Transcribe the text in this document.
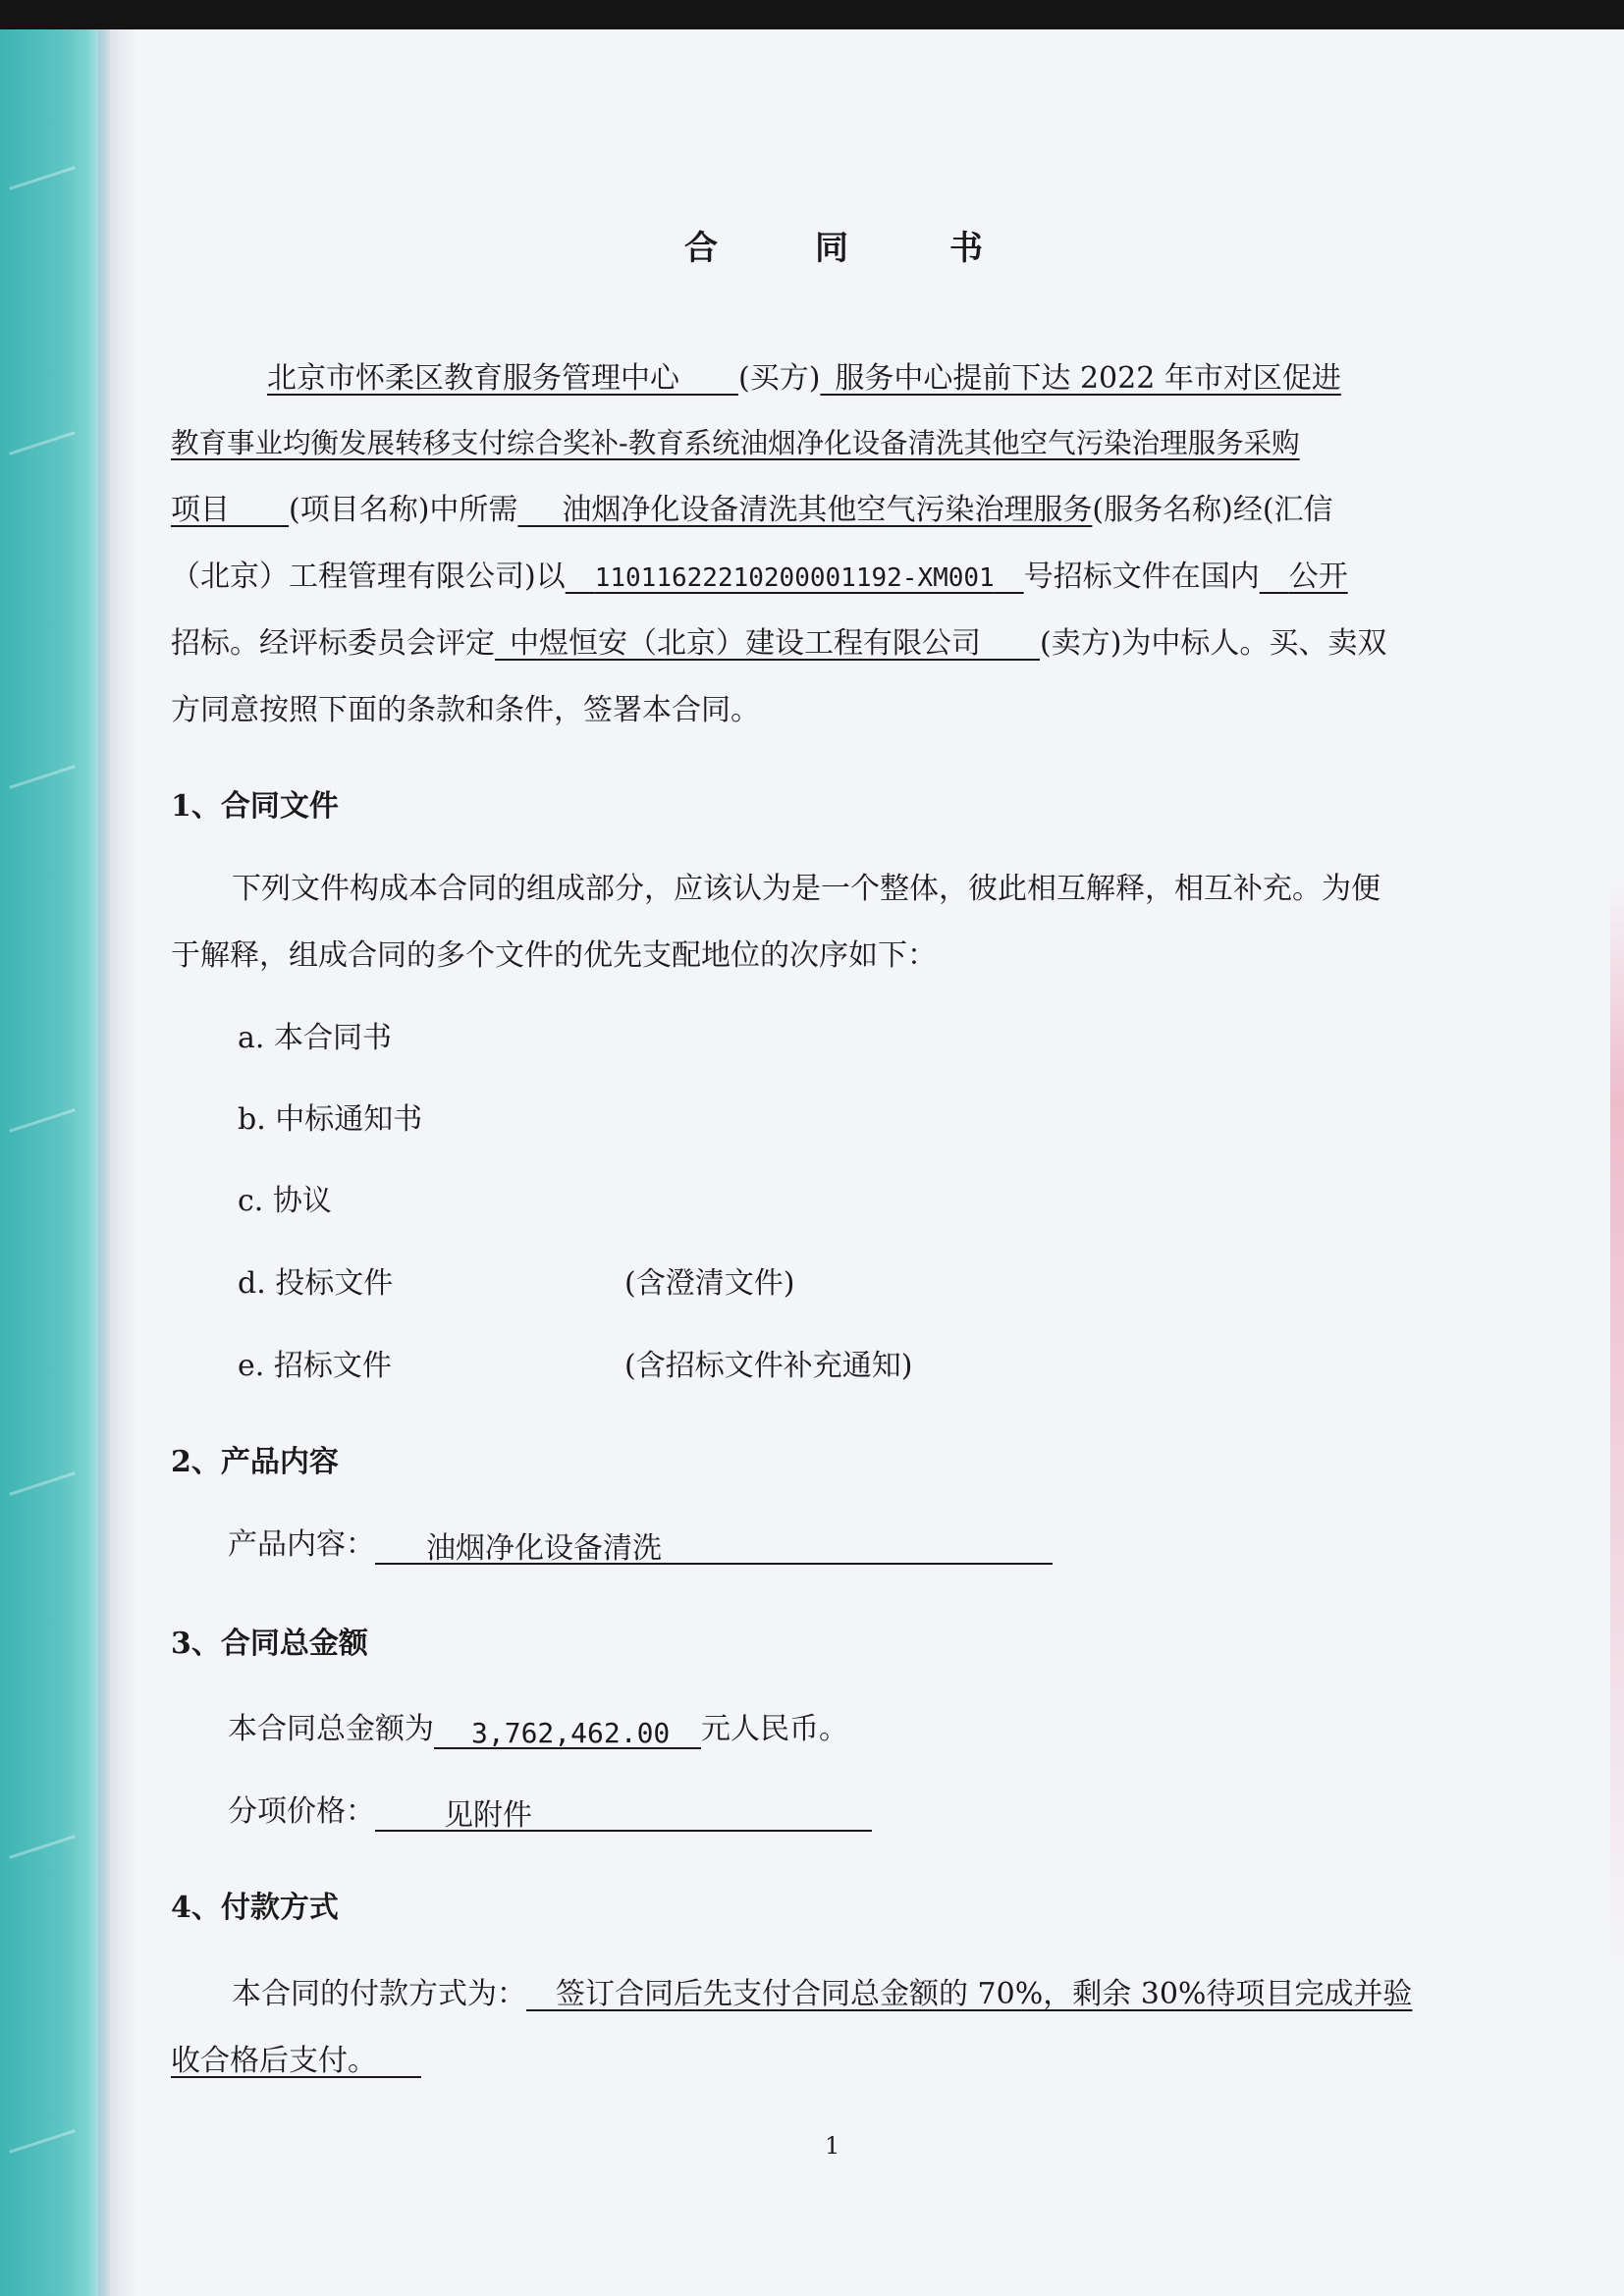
合	同	书
北京市怀柔区教育服务管理中心   (买方)  服务中心提前下达 2022 年市对区促进
教育事业均衡发展转移支付综合奖补-教育系统油烟净化设备清洗其他空气污染治理服务采购
项目   (项目名称)中所需   油烟净化设备清洗其他空气污染治理服务(服务名称)经(汇信
（北京）工程管理有限公司)以  11011622210200001192-XM001  号招标文件在国内  公开
招标。经评标委员会评定  中煜恒安（北京）建设工程有限公司   (卖方)为中标人。买、卖双
方同意按照下面的条款和条件，签署本合同。
1、合同文件
下列文件构成本合同的组成部分，应该认为是一个整体，彼此相互解释，相互补充。为便
于解释，组成合同的多个文件的优先支配地位的次序如下：
a. 本合同书
b. 中标通知书
c. 协议
d. 投标文件	(含澄清文件)
e. 招标文件	(含招标文件补充通知)
2、产品内容
产品内容： 油烟净化设备清洗
3、合同总金额
本合同总金额为 3,762,462.00 元人民币。
分项价格： 见附件
4、付款方式
本合同的付款方式为：  签订合同后先支付合同总金额的 70%，剩余 30%待项目完成并验
收合格后支付。  
1
